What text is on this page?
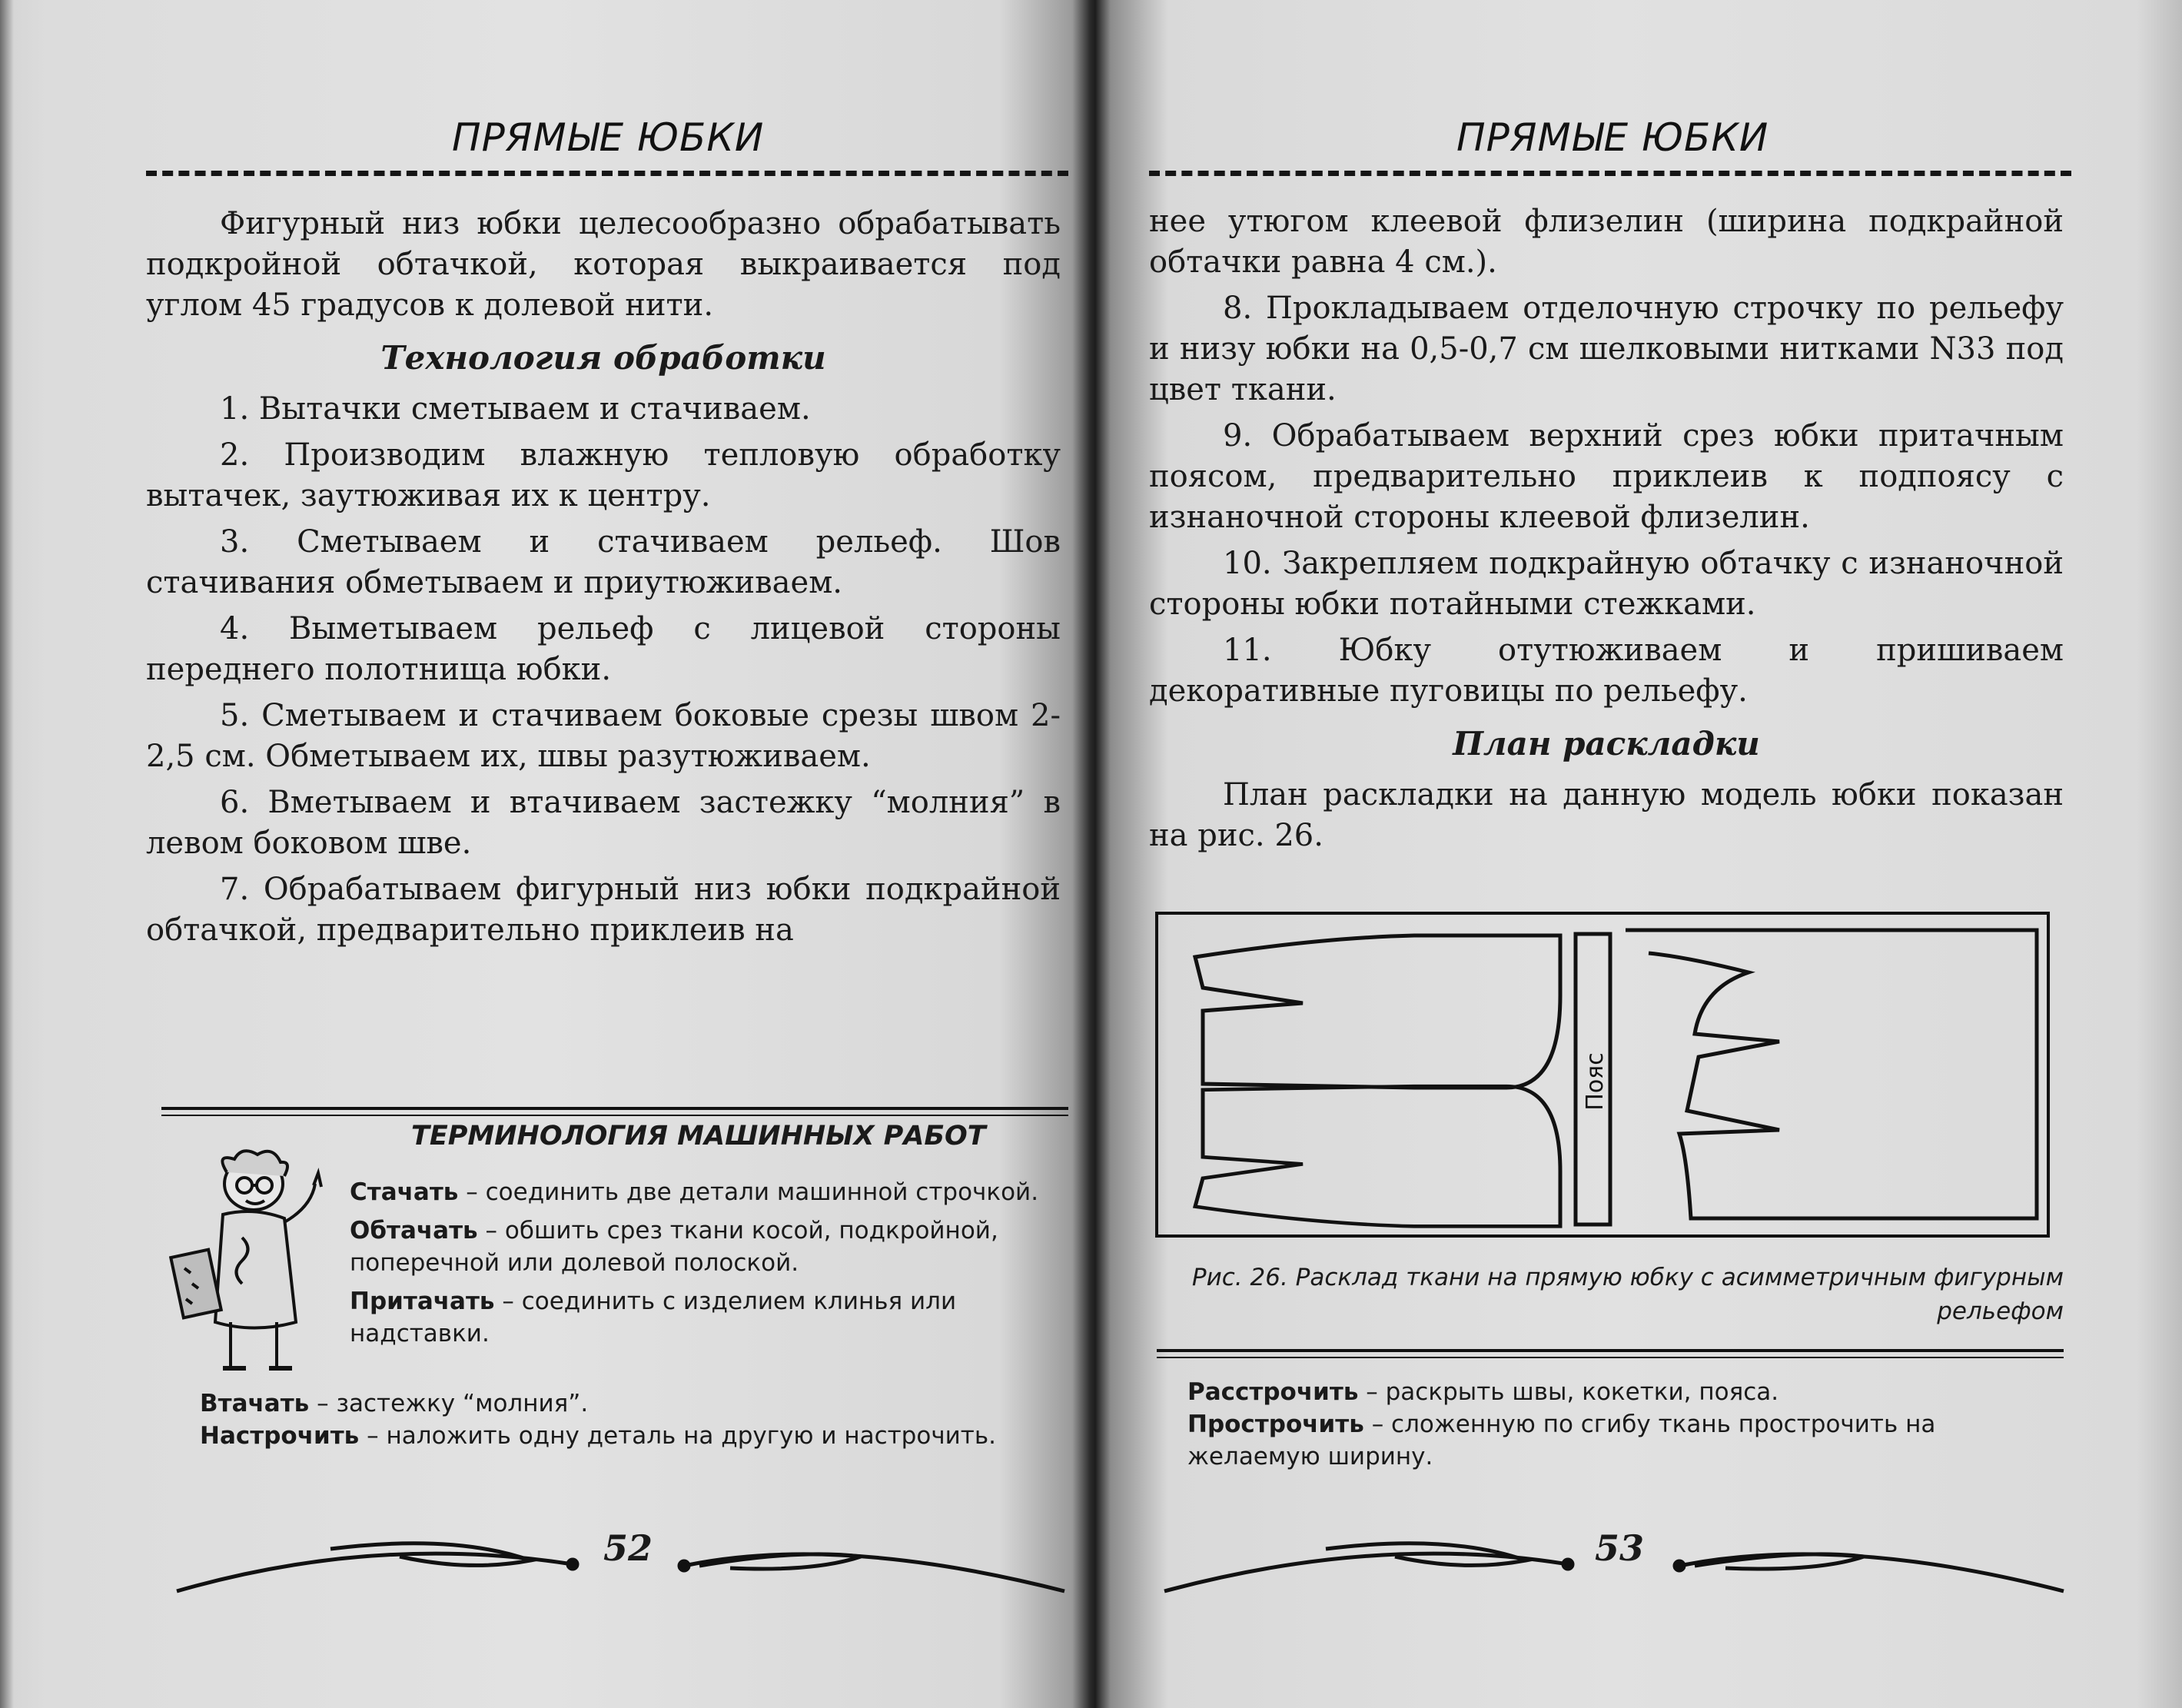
ПРЯМЫЕ ЮБКИ

Фигурный низ юбки целесообразно обрабатывать подкройной обтачкой, которая выкраивается под углом 45 градусов к долевой нити.

Технология обработки

1. Вытачки сметываем и стачиваем.

2. Производим влажную тепловую обработку вытачек, заутюживая их к центру.

3. Сметываем и стачиваем рельеф. Шов стачивания обметываем и приутюживаем.

4. Выметываем рельеф с лицевой стороны переднего полотнища юбки.

5. Сметываем и стачиваем боковые срезы швом 2-2,5 см. Обметываем их, швы разутюживаем.

6. Вметываем и втачиваем застежку “молния” в левом боковом шве.

7. Обрабатываем фигурный низ юбки подкрайной обтачкой, предварительно приклеив на

ТЕРМИНОЛОГИЯ МАШИННЫХ РАБОТ
Стачать – соединить две детали машинной строчкой.
Обтачать – обшить срез ткани косой, подкройной, поперечной или долевой полоской.
Притачать – соединить с изделием клинья или надставки.
Втачать – застежку “молния”.
Настрочить – наложить одну деталь на другую и настрочить.
52
ПРЯМЫЕ ЮБКИ

нее утюгом клеевой флизелин (ширина подкрайной обтачки равна 4 см.).

8. Прокладываем отделочную строчку по рельефу и низу юбки на 0,5-0,7 см шелковыми нитками N33 под цвет ткани.

9. Обрабатываем верхний срез юбки притачным поясом, предварительно приклеив к подпоясу с изнаночной стороны клеевой флизелин.

10. Закрепляем подкрайную обтачку с изнаночной стороны юбки потайными стежками.

11. Юбку отутюживаем и пришиваем декоративные пуговицы по рельефу.

План раскладки

План раскладки на данную модель юбки показан на рис. 26.

Пояс
Рис. 26. Расклад ткани на прямую юбку с асимметричным фигурным рельефом
Расстрочить – раскрыть швы, кокетки, пояса.
Прострочить – сложенную по сгибу ткань прострочить на желаемую ширину.
53
